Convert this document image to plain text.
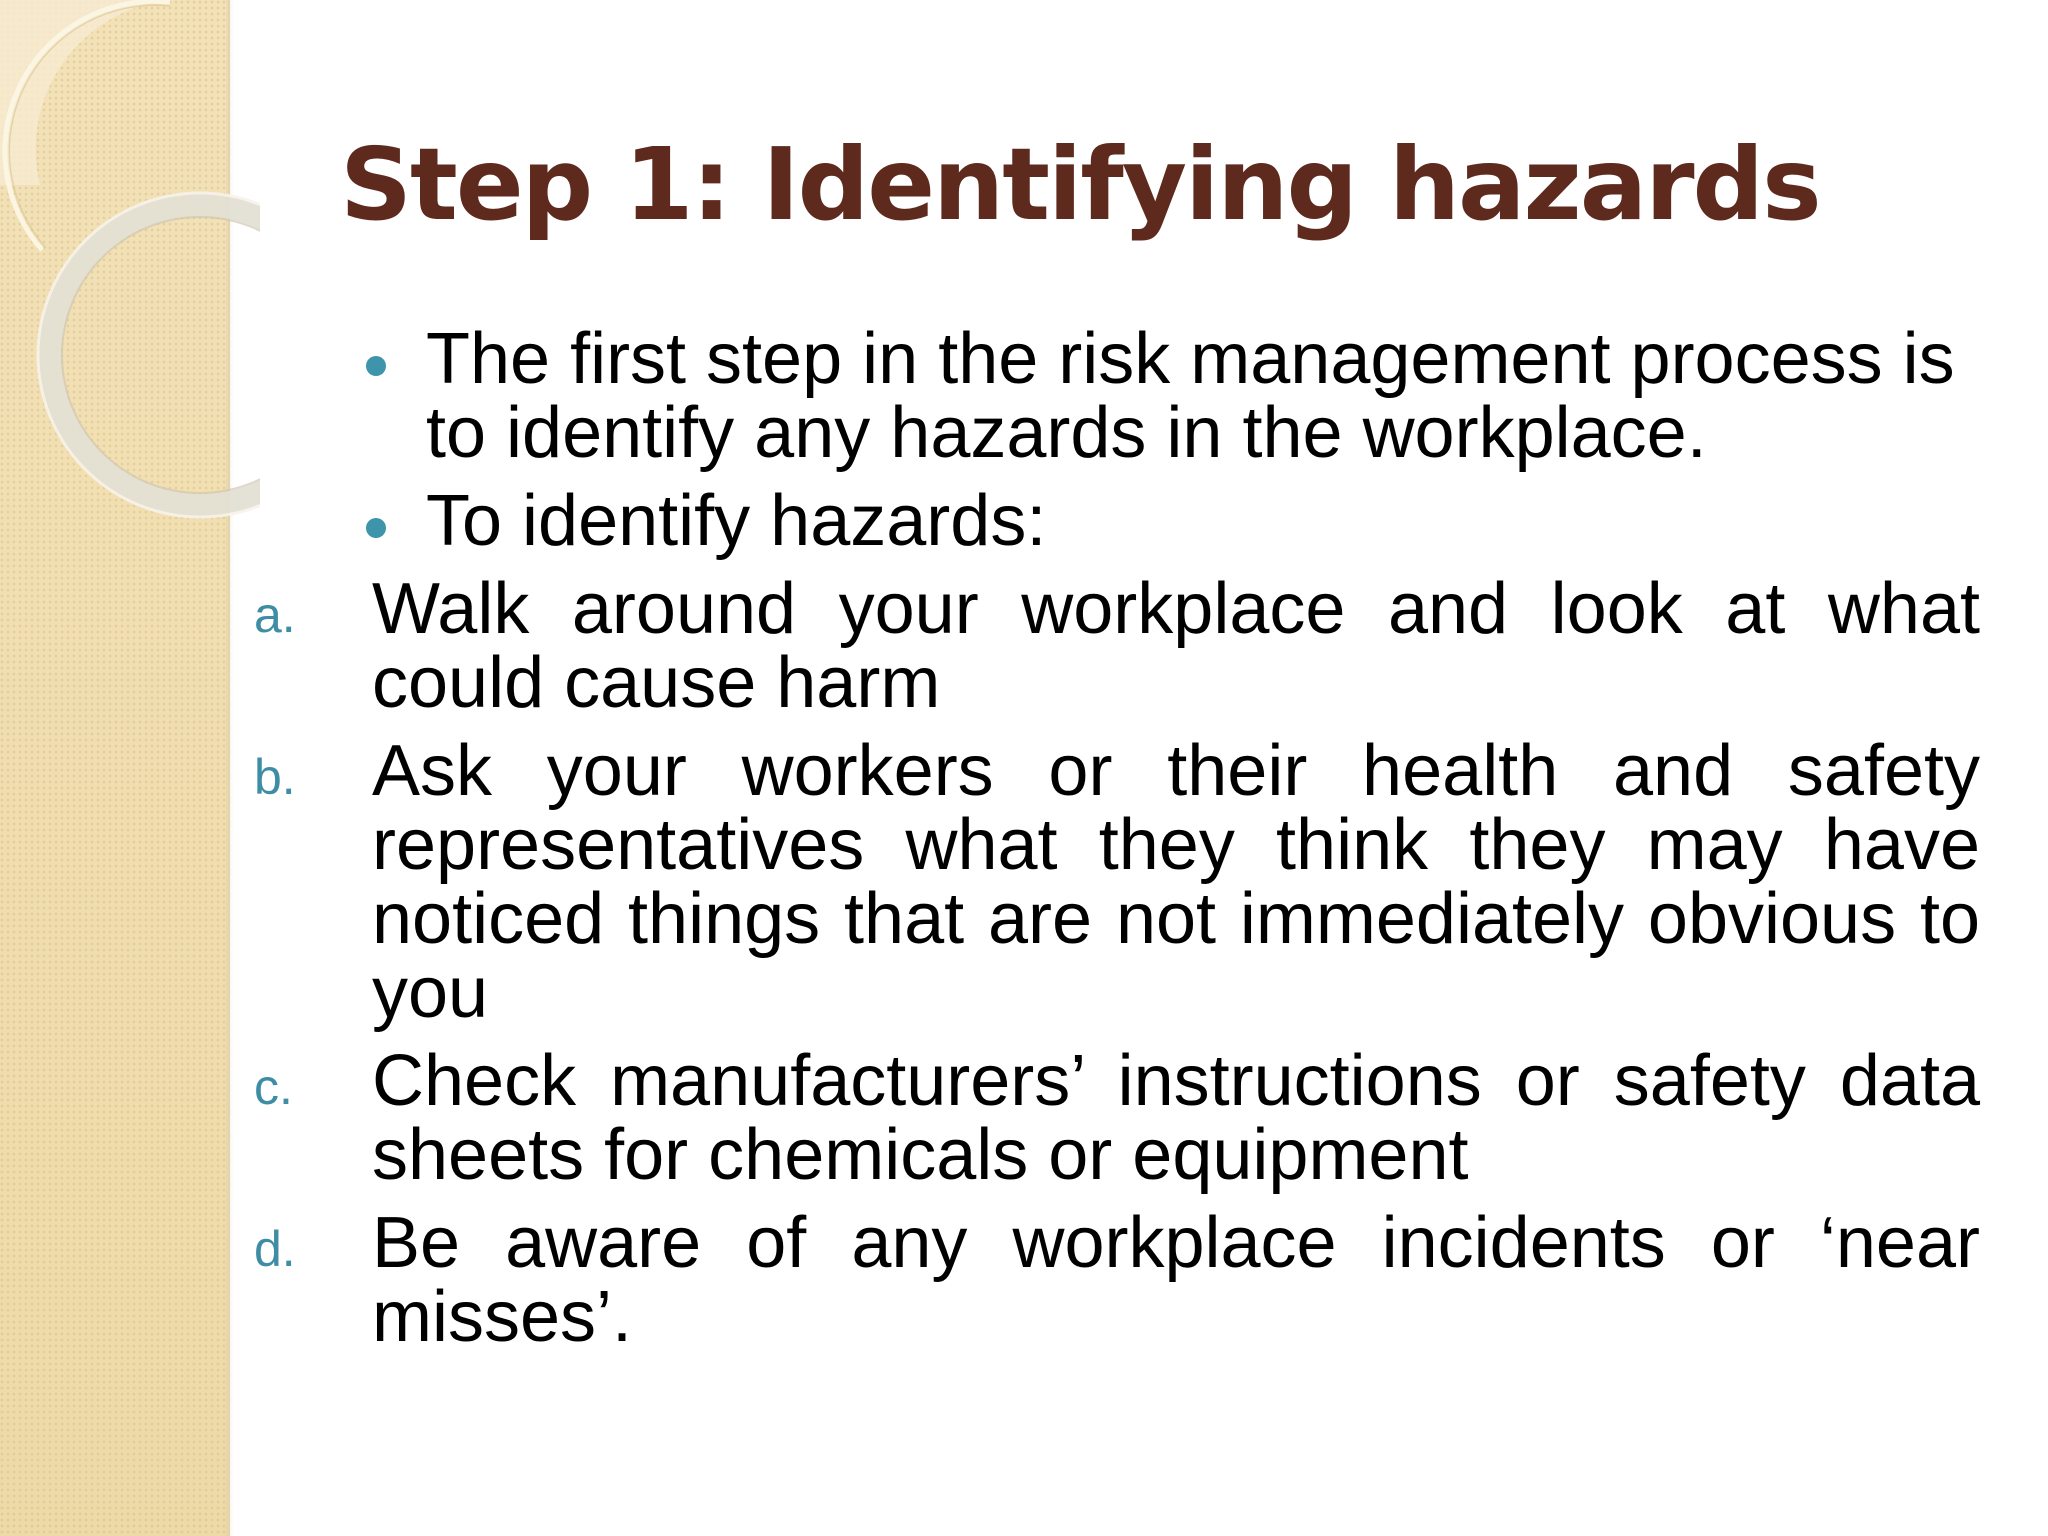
Step 1: Identifying hazards
The first step in the risk management process is to identify any hazards in the workplace.
To identify hazards:
a. Walk around your workplace and look at what could cause harm
b. Ask your workers or their health and safety representatives what they think they may have noticed things that are not immediately obvious to you
c. Check manufacturers’ instructions or safety data sheets for chemicals or equipment
d. Be aware of any workplace incidents or ‘near misses’.
